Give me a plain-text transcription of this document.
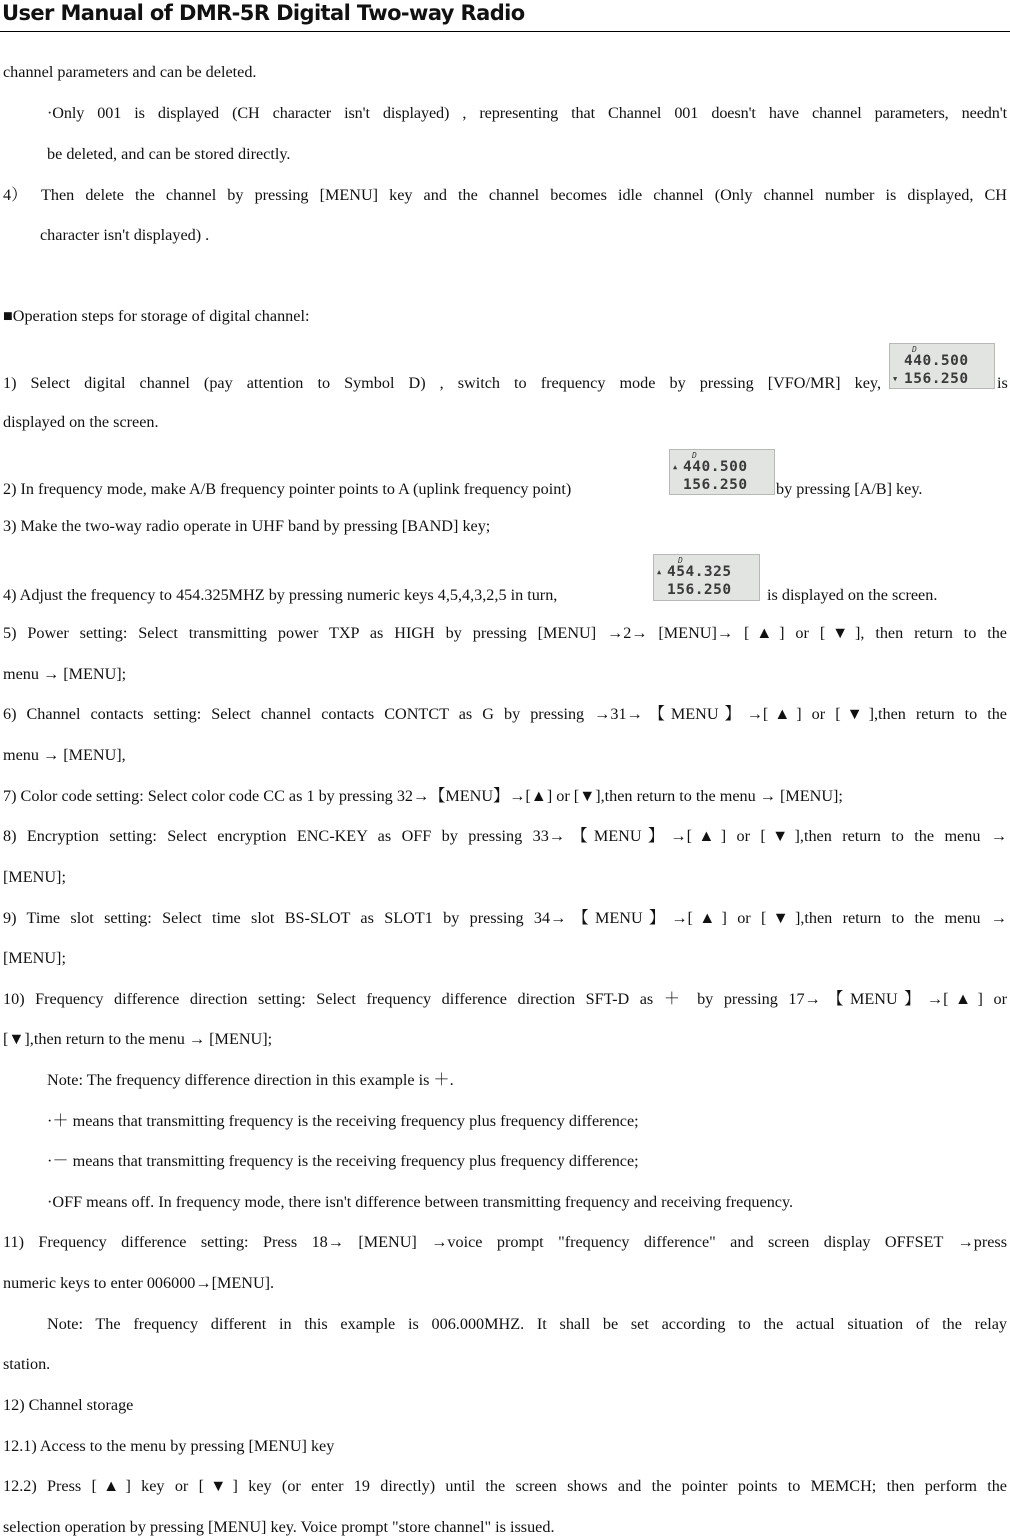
User Manual of DMR-5R Digital Two-way Radio
channel parameters and can be deleted.
·Only 001 is displayed (CH character isn't displayed) , representing that Channel 001 doesn't have channel parameters, needn't
be deleted, and can be stored directly.
4） Then delete the channel by pressing [MENU] key and the channel becomes idle channel (Only channel number is displayed, CH
character isn't displayed) .
■Operation steps for storage of digital channel:
1) Select digital channel (pay attention to Symbol D) , switch to frequency mode by pressing [VFO/MR] key,
D
440.500
▼ 156.250 is
displayed on the screen.
2) In frequency mode, make A/B frequency pointer points to A (uplink frequency point)
D
▲ 440.500
156.250 by pressing [A/B] key.
3) Make the two-way radio operate in UHF band by pressing [BAND] key;
4) Adjust the frequency to 454.325MHZ by pressing numeric keys 4,5,4,3,2,5 in turn,
D
▲ 454.325
156.250 is displayed on the screen.
5) Power setting: Select transmitting power TXP as HIGH by pressing [MENU] →2→ [MENU]→ [▲] or [▼], then return to the
menu → [MENU];
6) Channel contacts setting: Select channel contacts CONTCT as G by pressing →31→【MENU】→[▲] or [▼],then return to the
menu → [MENU],
7) Color code setting: Select color code CC as 1 by pressing 32→【MENU】→[▲] or [▼],then return to the menu → [MENU];
8) Encryption setting: Select encryption ENC-KEY as OFF by pressing 33→【MENU】→[▲] or [▼],then return to the menu →
[MENU];
9) Time slot setting: Select time slot BS-SLOT as SLOT1 by pressing 34→【MENU】→[▲] or [▼],then return to the menu →
[MENU];
10) Frequency difference direction setting: Select frequency difference direction SFT-D as ＋ by pressing 17→【MENU】→[▲] or
[▼],then return to the menu → [MENU];
Note: The frequency difference direction in this example is ＋.
·＋ means that transmitting frequency is the receiving frequency plus frequency difference;
·－ means that transmitting frequency is the receiving frequency plus frequency difference;
·OFF means off. In frequency mode, there isn't difference between transmitting frequency and receiving frequency.
11) Frequency difference setting: Press 18→ [MENU] →voice prompt "frequency difference" and screen display OFFSET →press
numeric keys to enter 006000→[MENU].
Note: The frequency different in this example is 006.000MHZ. It shall be set according to the actual situation of the relay
station.
12) Channel storage
12.1) Access to the menu by pressing [MENU] key
12.2) Press [▲] key or [▼] key (or enter 19 directly) until the screen shows and the pointer points to MEMCH; then perform the
selection operation by pressing [MENU] key. Voice prompt "store channel" is issued.
